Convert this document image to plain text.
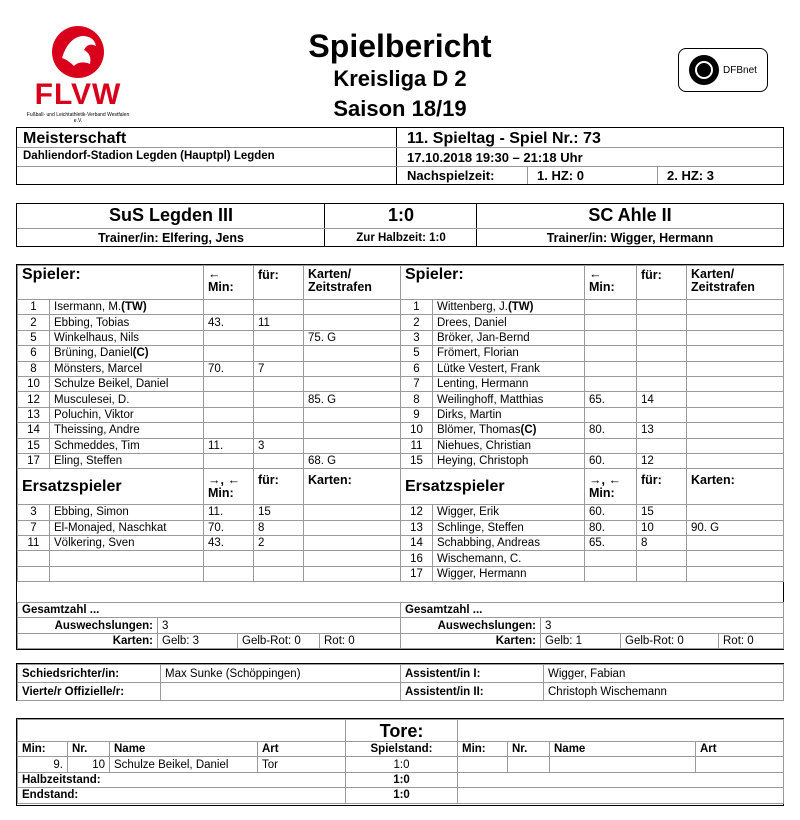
FLVW
Fußball- und Leichtathletik-Verband Westfalen e.V.
Spielbericht
Kreisliga D 2
Saison 18/19
DFBnet
Meisterschaft
Dahliendorf-Stadion Legden (Hauptpl) Legden
11. Spieltag - Spiel Nr.: 73
17.10.2018 19:30 – 21:18 Uhr
Nachspielzeit:	1. HZ: 0	2. HZ: 3
SuS Legden III
Trainer/in: Elfering, Jens
1:0
Zur Halbzeit: 1:0
SC Ahle II
Trainer/in: Wigger, Hermann
Spieler:		←
Min:	für:	Karten/
Zeitstrafen
1	Isermann, M.(TW)			
2	Ebbing, Tobias	43.	11	
5	Winkelhaus, Nils			75. G
6	Brüning, Daniel(C)			
8	Mönsters, Marcel	70.	7	
10	Schulze Beikel, Daniel			
12	Musculesei, D.			85. G
13	Poluchin, Viktor			
14	Theissing, Andre			
15	Schmeddes, Tim	11.	3	
17	Eling, Steffen			68. G
Ersatzspieler		→, ←
Min:	für:	Karten:
3	Ebbing, Simon	11.	15	
7	El-Monajed, Naschkat	70.	8	
11	Völkering, Sven	43.	2	

Spieler:		←
Min:	für:	Karten/
Zeitstrafen
1	Wittenberg, J.(TW)			
2	Drees, Daniel			
3	Bröker, Jan-Bernd			
5	Frömert, Florian			
6	Lütke Vestert, Frank			
7	Lenting, Hermann			
8	Weilinghoff, Matthias	65.	14	
9	Dirks, Martin			
10	Blömer, Thomas(C)	80.	13	
11	Niehues, Christian			
15	Heying, Christoph	60.	12	
Ersatzspieler		→, ←
Min:	für:	Karten:
12	Wigger, Erik	60.	15	
13	Schlinge, Steffen	80.	10	90. G
14	Schabbing, Andreas	65.	8	
16	Wischemann, C.			
17	Wigger, Hermann			
Gesamtzahl ...			
Auswechslungen:	3		
Karten:	Gelb: 3	Gelb-Rot: 0	Rot: 0
Gesamtzahl ...			
Auswechslungen:	3		
Karten:	Gelb: 1	Gelb-Rot: 0	Rot: 0
Schiedsrichter/in:	Max Sunke (Schöppingen)	Assistent/in I:	Wigger, Fabian
Vierte/r Offizielle/r:		Assistent/in II:	Christoph Wischemann
				Tore:				
Min:	Nr.	Name	Art	Spielstand:	Min:	Nr.	Name	Art
9.	10	Schulze Beikel, Daniel	Tor	1:0				
Halbzeitstand:				1:0				
Endstand:				1:0				
